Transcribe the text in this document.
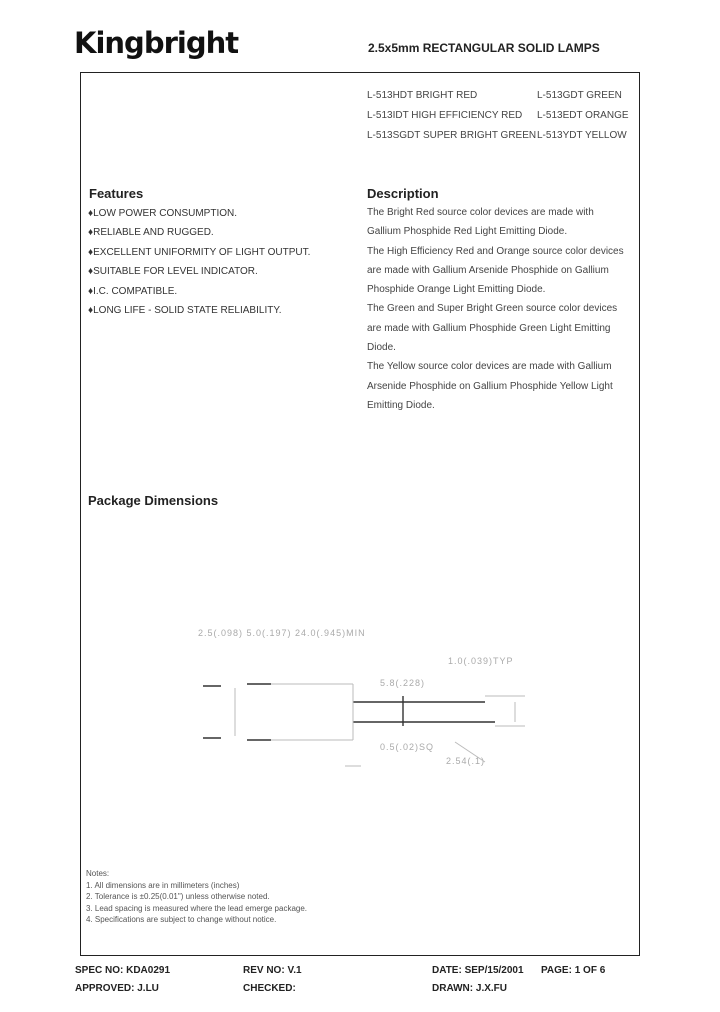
Kingbright	2.5x5mm RECTANGULAR SOLID LAMPS
L-513HDT BRIGHT RED
L-513IDT HIGH EFFICIENCY RED
L-513SGDT SUPER BRIGHT GREEN
L-513GDT GREEN
L-513EDT ORANGE
L-513YDT YELLOW
Features
♦LOW POWER CONSUMPTION.
♦RELIABLE AND RUGGED.
♦EXCELLENT UNIFORMITY OF LIGHT OUTPUT.
♦SUITABLE FOR LEVEL INDICATOR.
♦I.C. COMPATIBLE.
♦LONG LIFE - SOLID STATE RELIABILITY.
Description
The Bright Red source color devices are made with
Gallium Phosphide Red Light Emitting Diode.
The High Efficiency Red and Orange source color devices
are made with Gallium Arsenide Phosphide on Gallium
Phosphide Orange Light Emitting Diode.
The Green and Super Bright Green source color devices
are made with Gallium Phosphide Green Light Emitting
Diode.
The Yellow source color devices are made with Gallium
Arsenide Phosphide on Gallium Phosphide Yellow Light
Emitting Diode.
Package Dimensions
2.5(.098) 5.0(.197) 24.0(.945)MIN
1.0(.039)TYP
5.8(.228)
0.5(.02)SQ
2.54(.1)
Notes:
1. All dimensions are in millimeters (inches)
2. Tolerance is ±0.25(0.01") unless otherwise noted.
3. Lead spacing is measured where the lead emerge package.
4. Specifications are subject to change without notice.
SPEC NO: KDA0291
APPROVED: J.LU
REV NO: V.1
CHECKED:
DATE: SEP/15/2001
DRAWN: J.X.FU
PAGE: 1 OF 6
